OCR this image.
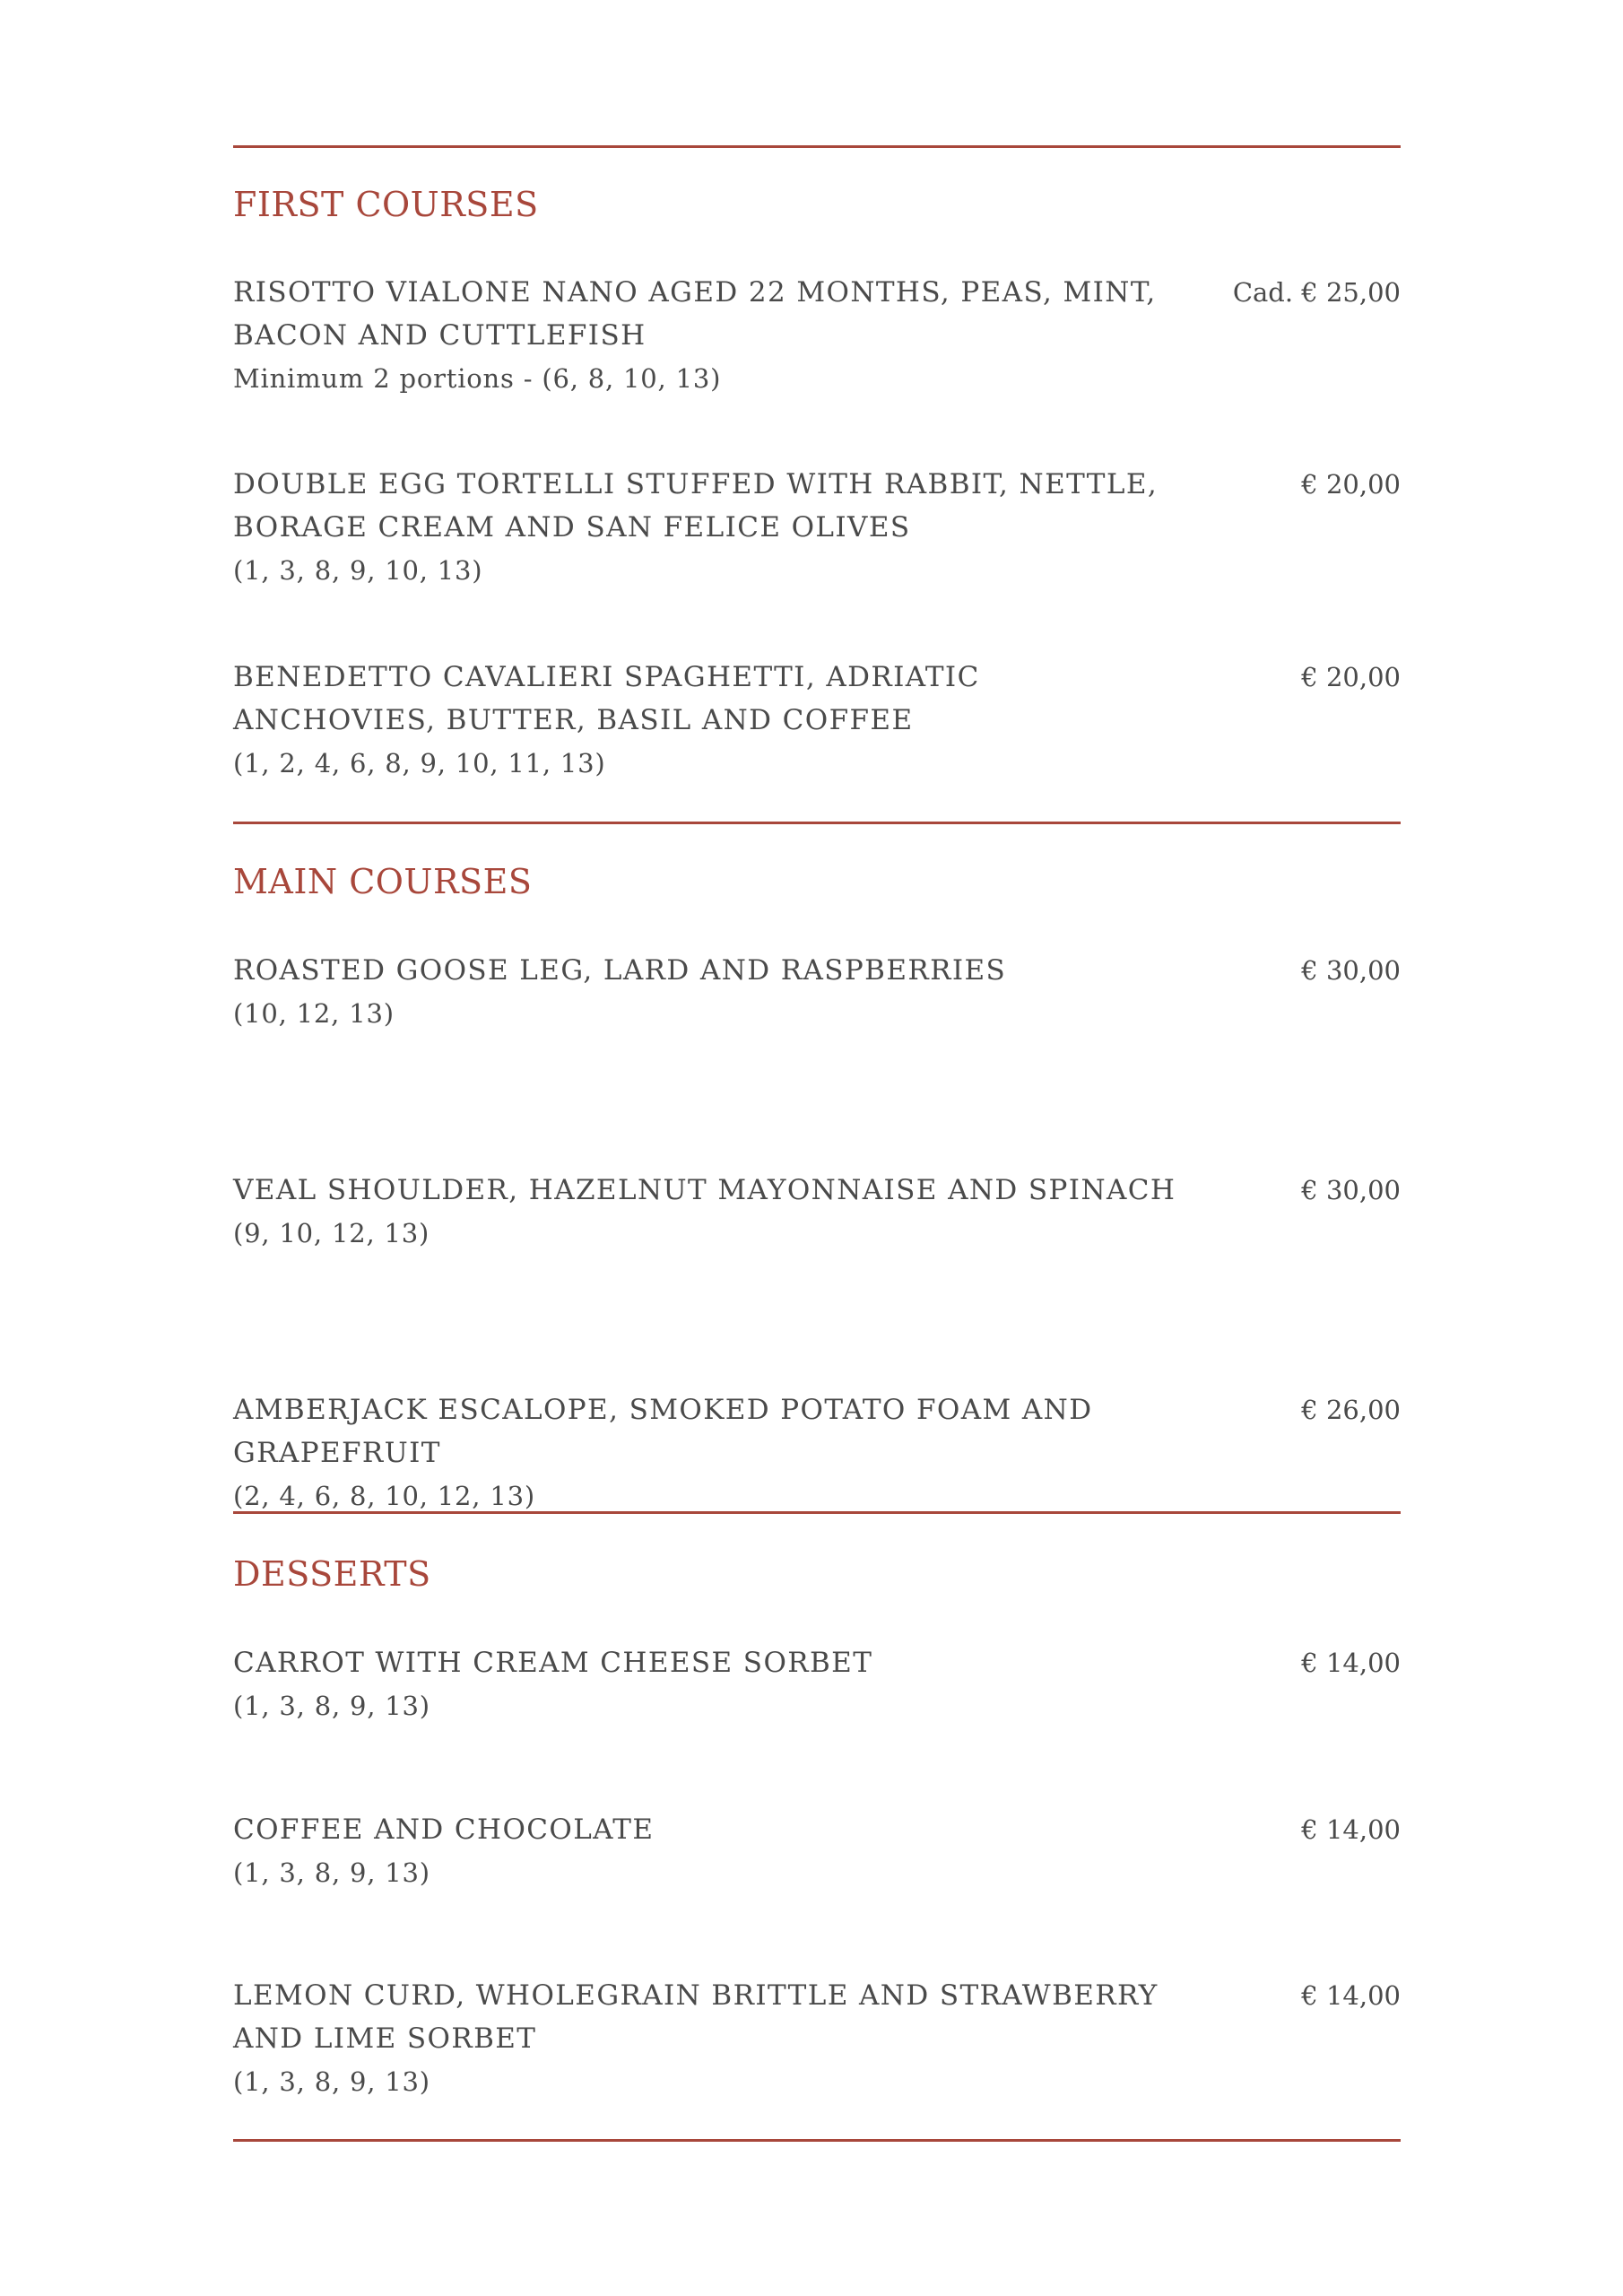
FIRST COURSES
RISOTTO VIALONE NANO AGED 22 MONTHS, PEAS, MINT, BACON AND CUTTLEFISH
Minimum 2 portions - (6, 8, 10, 13)
Cad. € 25,00
DOUBLE EGG TORTELLI STUFFED WITH RABBIT, NETTLE, BORAGE CREAM AND SAN FELICE OLIVES
(1, 3, 8, 9, 10, 13)
€ 20,00
BENEDETTO CAVALIERI SPAGHETTI, ADRIATIC ANCHOVIES, BUTTER, BASIL AND COFFEE
(1, 2, 4, 6, 8, 9, 10, 11, 13)
€ 20,00
MAIN COURSES
ROASTED GOOSE LEG, LARD AND RASPBERRIES
(10, 12, 13)
€ 30,00
VEAL SHOULDER, HAZELNUT MAYONNAISE AND SPINACH
(9, 10, 12, 13)
€ 30,00
AMBERJACK ESCALOPE, SMOKED POTATO FOAM AND GRAPEFRUIT
(2, 4, 6, 8, 10, 12, 13)
€ 26,00
DESSERTS
CARROT WITH CREAM CHEESE SORBET
(1, 3, 8, 9, 13)
€ 14,00
COFFEE AND CHOCOLATE
(1, 3, 8, 9, 13)
€ 14,00
LEMON CURD, WHOLEGRAIN BRITTLE AND STRAWBERRY AND LIME SORBET
(1, 3, 8, 9, 13)
€ 14,00
